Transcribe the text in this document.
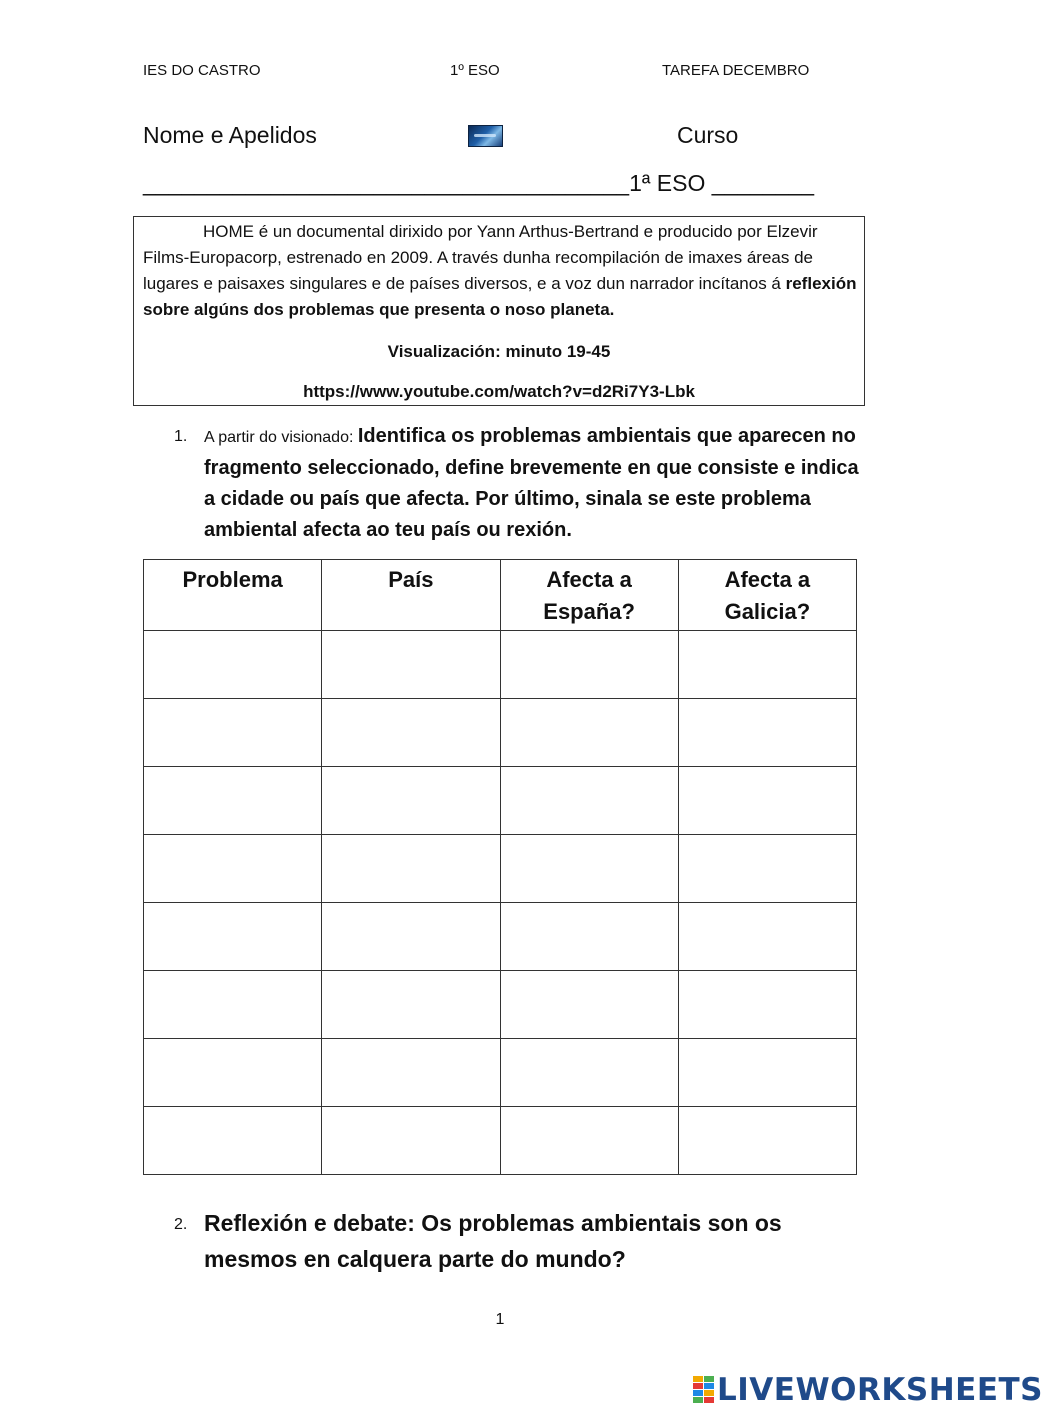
IES DO CASTRO	1º ESO	TAREFA DECEMBRO
Nome e Apelidos	Curso
______________________________________1ª ESO ________

HOME é un documental dirixido por Yann Arthus-Bertrand e producido por Elzevir Films-Europacorp, estrenado en 2009. A través dunha recompilación de imaxes áreas de lugares e paisaxes singulares e de países diversos, e a voz dun narrador incítanos á reflexión sobre algúns dos problemas que presenta o noso planeta.

Visualización: minuto 19-45

https://www.youtube.com/watch?v=d2Ri7Y3-Lbk

1. A partir do visionado: Identifica os problemas ambientais que aparecen no fragmento seleccionado, define brevemente en que consiste e indica a cidade ou país que afecta. Por último, sinala se este problema ambiental afecta ao teu país ou rexión.
Problema	País	Afecta a España?	Afecta a Galicia?

2. Reflexión e debate: Os problemas ambientais son os mesmos en calquera parte do mundo?
1
LIVEWORKSHEETS
